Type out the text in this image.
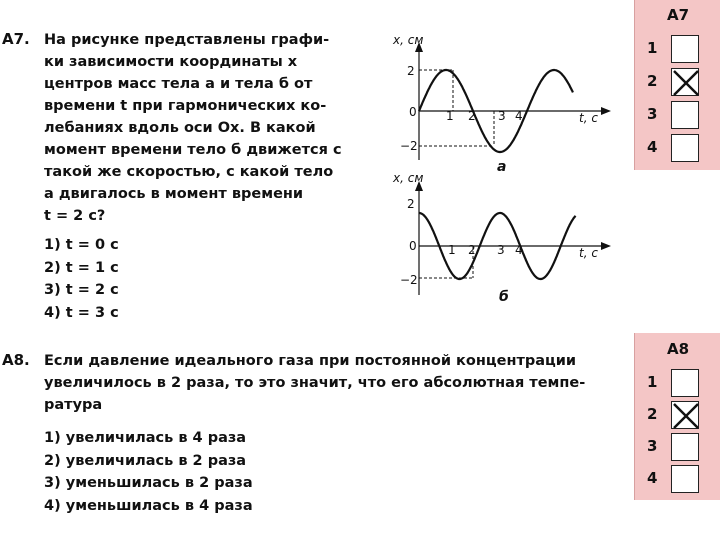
A7. На рисунке представлены графи-
ки зависимости координаты x
центров масс тела a и тела б от
времени t при гармонических ко-
лебаниях вдоль оси Ox. В какой
момент времени тело б движется с
такой же скоростью, с какой тело
a двигалось в момент времени
t = 2 с?
1) t = 0 с
2) t = 1 с
3) t = 2 с
4) t = 3 с
x, см
t, с
0
2
−2
1 2 3 4
а
x, см
t, с
0
2
−2
1 2 3 4
б
A7
1
2
3
4
A8. Если давление идеального газа при постоянной концентрации
увеличилось в 2 раза, то это значит, что его абсолютная темпе-
ратура
1) увеличилась в 4 раза
2) увеличилась в 2 раза
3) уменьшилась в 2 раза
4) уменьшилась в 4 раза
A8
1
2
3
4
